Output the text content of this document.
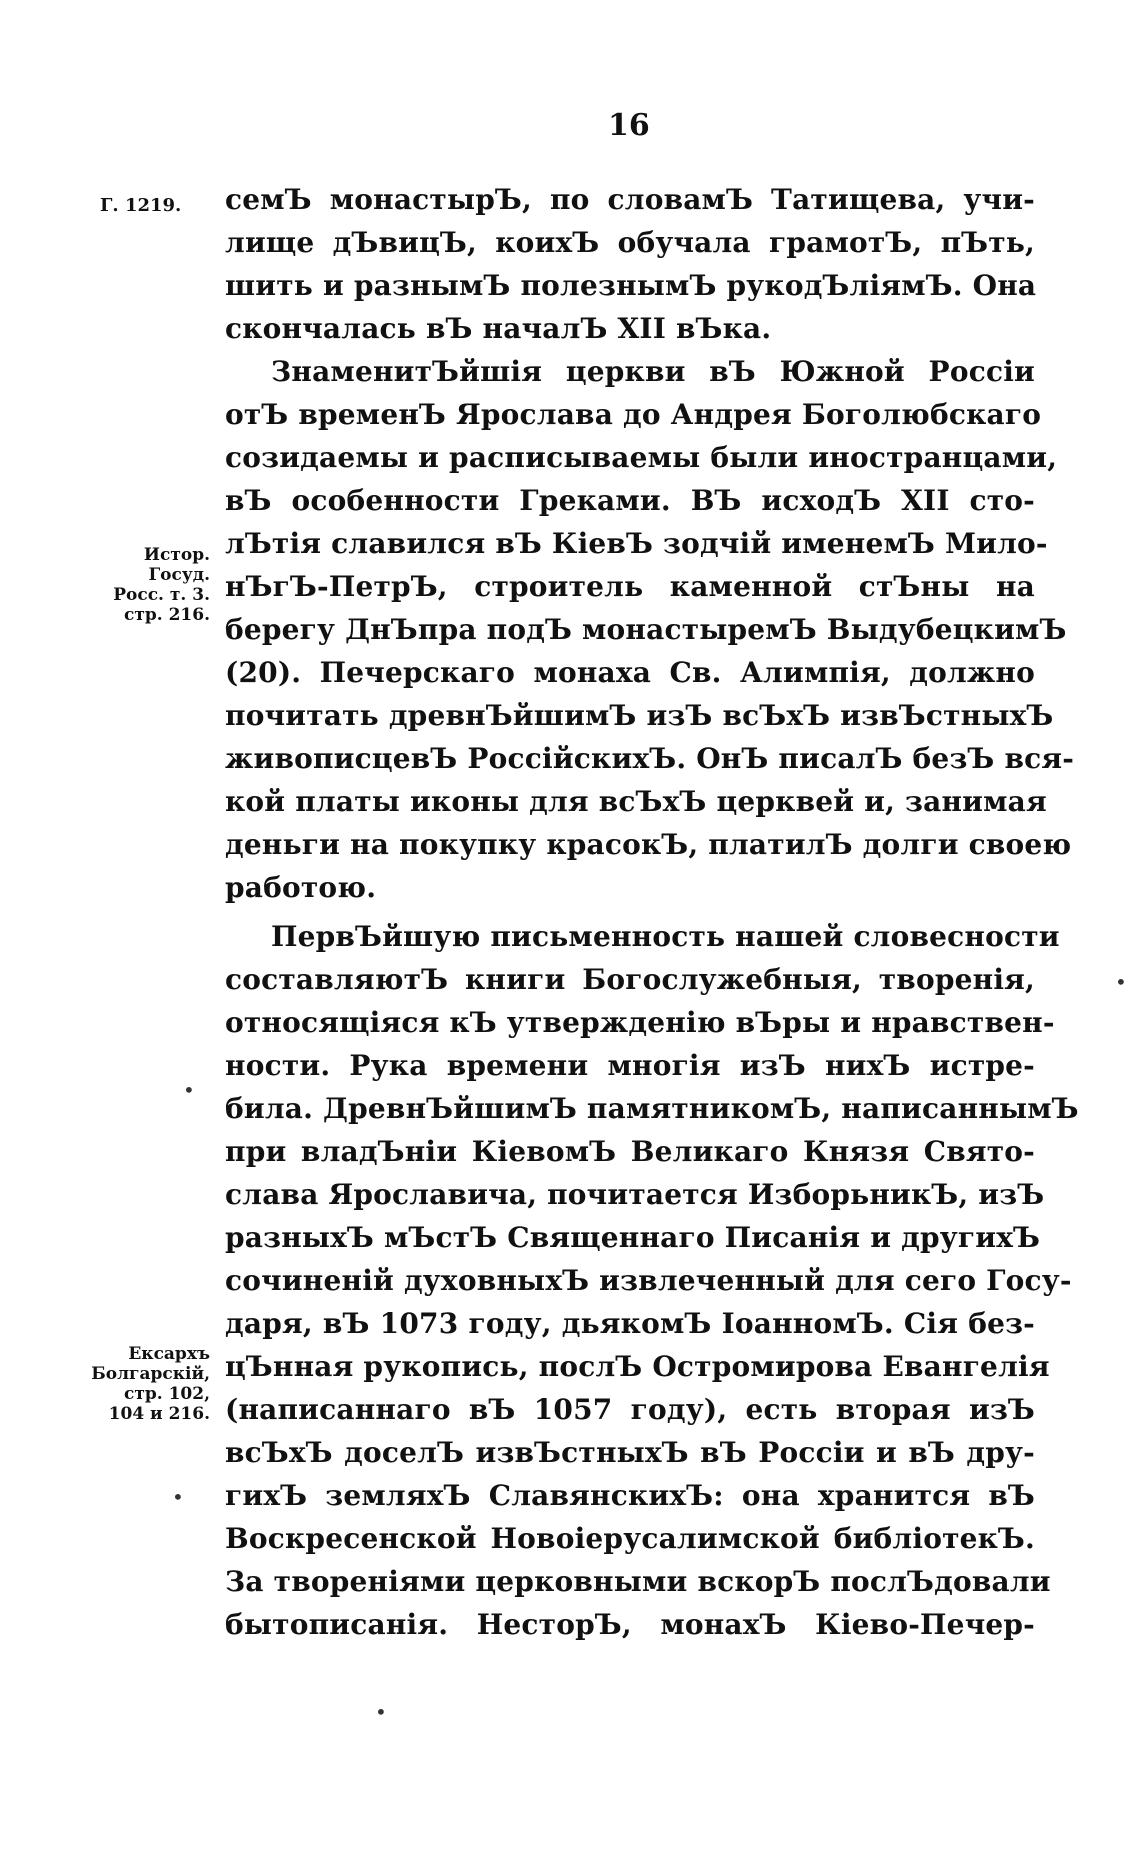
16
Г. 1219.
Истор.
Госуд.
Росс. т. 3.
стр. 216.
Ексархъ
Болгарскій,
стр. 102,
104 и 216.
семЪ монастырЪ, по словамЪ Татищева, учи-
лище дЪвицЪ, коихЪ обучала грамотЪ, пЪть,
шить и разнымЪ полезнымЪ рукодЪліямЪ. Она
скончалась вЪ началЪ XII вЪка.
ЗнаменитЪйшія церкви вЪ Южной Россіи
отЪ временЪ Ярослава до Андрея Боголюбскаго
созидаемы и расписываемы были иностранцами,
вЪ особенности Греками. ВЪ исходЪ XII сто-
лЪтія славился вЪ КіевЪ зодчій именемЪ Мило-
нЪгЪ-ПетрЪ, строитель каменной стЪны на
берегу ДнЪпра подЪ монастыремЪ ВыдубецкимЪ
(20). Печерскаго монаха Св. Алимпія, должно
почитать древнЪйшимЪ изЪ всЪхЪ извЪстныхЪ
живописцевЪ РоссійскихЪ. ОнЪ писалЪ безЪ вся-
кой платы иконы для всЪхЪ церквей и, занимая
деньги на покупку красокЪ, платилЪ долги своею
работою.
ПервЪйшую письменность нашей словесности
составляютЪ книги Богослужебныя, творенія,
относящіяся кЪ утвержденію вЪры и нравствен-
ности. Рука времени многія изЪ нихЪ истре-
била. ДревнЪйшимЪ памятникомЪ, написаннымЪ
при владЪніи КіевомЪ Великаго Князя Свято-
слава Ярославича, почитается ИзборьникЪ, изЪ
разныхЪ мЪстЪ Священнаго Писанія и другихЪ
сочиненій духовныхЪ извлеченный для сего Госу-
даря, вЪ 1073 году, дьякомЪ ІоанномЪ. Сія без-
цЪнная рукопись, послЪ Остромирова Евангелія
(написаннаго вЪ 1057 году), есть вторая изЪ
всЪхЪ доселЪ извЪстныхЪ вЪ Россіи и вЪ дру-
гихЪ земляхЪ СлавянскихЪ: она хранится вЪ
Воскресенской Новоіерусалимской библіотекЪ.
За твореніями церковными вскорЪ послЪдовали
бытописанія. НесторЪ, монахЪ Кіево-Печер-
•
•
•
•
